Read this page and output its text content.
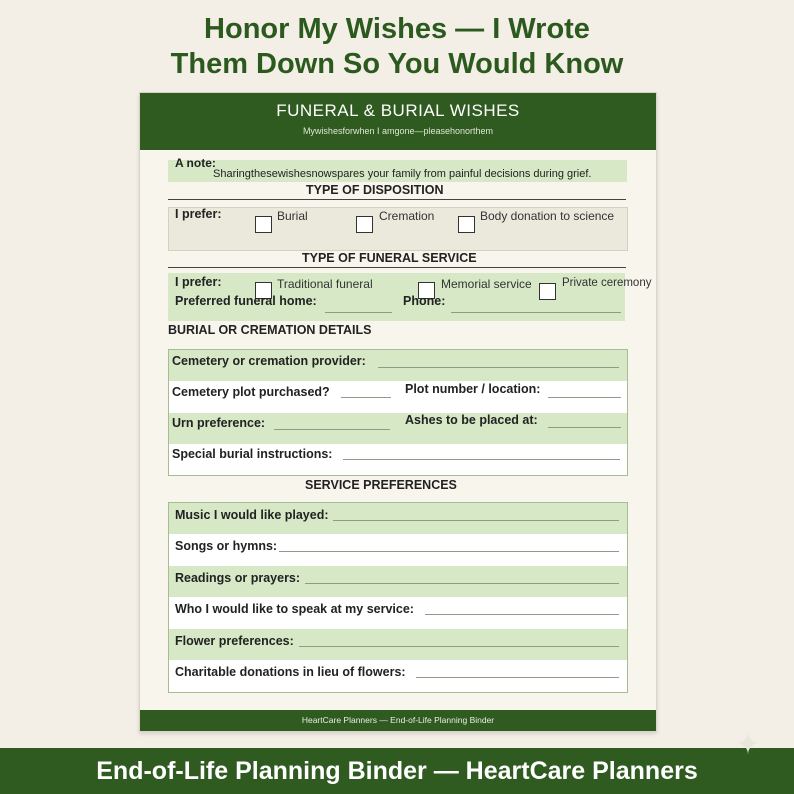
Honor My Wishes — I Wrote
Them Down So You Would Know
FUNERAL & BURIAL WISHES
Mywishesforwhen I amgone—pleasehonorthem
A note:
Sharingthesewishesnowspares your family from painful decisions during grief.
TYPE OF DISPOSITION
I prefer:	Burial	Cremation	Body donation to science
TYPE OF FUNERAL SERVICE
I prefer:	Traditional funeral	Memorial service	Private ceremony
Preferred funeral home:	Phone:
BURIAL OR CREMATION DETAILS
Cemetery or cremation provider:
Cemetery plot purchased?	Plot number / location:
Urn preference:	Ashes to be placed at:
Special burial instructions:
SERVICE PREFERENCES
Music I would like played:
Songs or hymns:
Readings or prayers:
Who I would like to speak at my service:
Flower preferences:
Charitable donations in lieu of flowers:
HeartCare Planners — End-of-Life Planning Binder
End-of-Life Planning Binder — HeartCare Planners
✦
